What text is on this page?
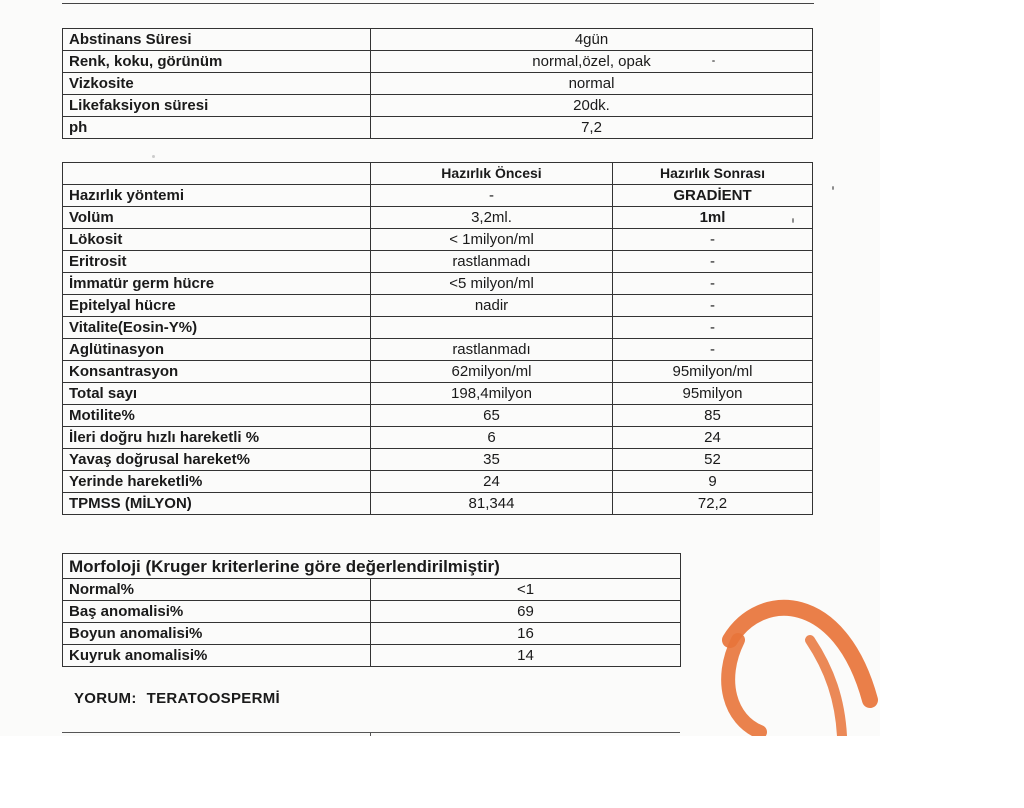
Abstinans Süresi	4gün
Renk, koku, görünüm	normal,özel, opak
Vizkosite	normal
Likefaksiyon süresi	20dk.
ph	7,2
	Hazırlık Öncesi	Hazırlık Sonrası
Hazırlık yöntemi	-	GRADİENT
Volüm	3,2ml.	1ml
Lökosit	< 1milyon/ml	-
Eritrosit	rastlanmadı	-
İmmatür germ hücre	<5 milyon/ml	-
Epitelyal hücre	nadir	-
Vitalite(Eosin-Y%)		-
Aglütinasyon	rastlanmadı	-
Konsantrasyon	62milyon/ml	95milyon/ml
Total sayı	198,4milyon	95milyon
Motilite%	65	85
İleri doğru hızlı hareketli %	6	24
Yavaş doğrusal hareket%	35	52
Yerinde hareketli%	24	9
TPMSS (MİLYON)	81,344	72,2
Morfoloji (Kruger kriterlerine göre değerlendirilmiştir)	
Normal%	<1
Baş anomalisi%	69
Boyun anomalisi%	16
Kuyruk anomalisi%	14
YORUM: TERATOOSPERMİ
